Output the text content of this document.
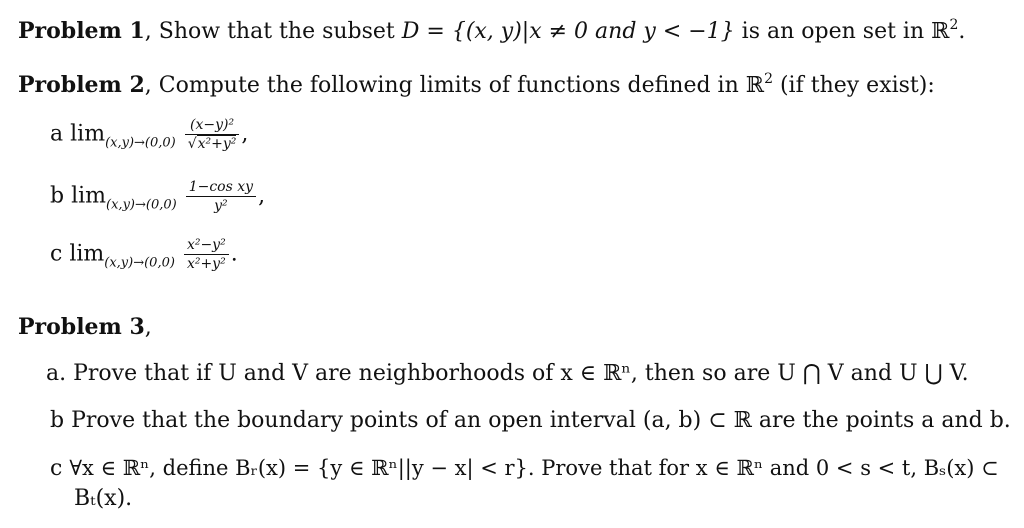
Problem 1, Show that the subset D = {(x, y)|x ≠ 0 and y < −1} is an open set in ℝ$^2$.
Problem 2, Compute the following limits of functions defined in ℝ$^2$ (if they exist):
a $\lim_{(x,y)\to(0,0)} \frac{\text{(x−y)²}}{\text{√x²+y²}}$ ,
b $\lim_{(x,y)\to(0,0)} \frac{\text{1−cos xy}}{\text{y²}}$ ,
c $\lim_{(x,y)\to(0,0)} \frac{\text{x²−y²}}{\text{x²+y²}}$ .
Problem 3,
a. Prove that if U and V are neighborhoods of x ∈ ℝⁿ, then so are U ⋂ V and U ⋃ V.
b Prove that the boundary points of an open interval (a, b) ⊂ ℝ are the points a and b.
c ∀x ∈ ℝⁿ, define Bᵣ(x) = {y ∈ ℝⁿ||y − x| < r}. Prove that for x ∈ ℝⁿ and 0 < s < t, Bₛ(x) ⊂
Bₜ(x).
